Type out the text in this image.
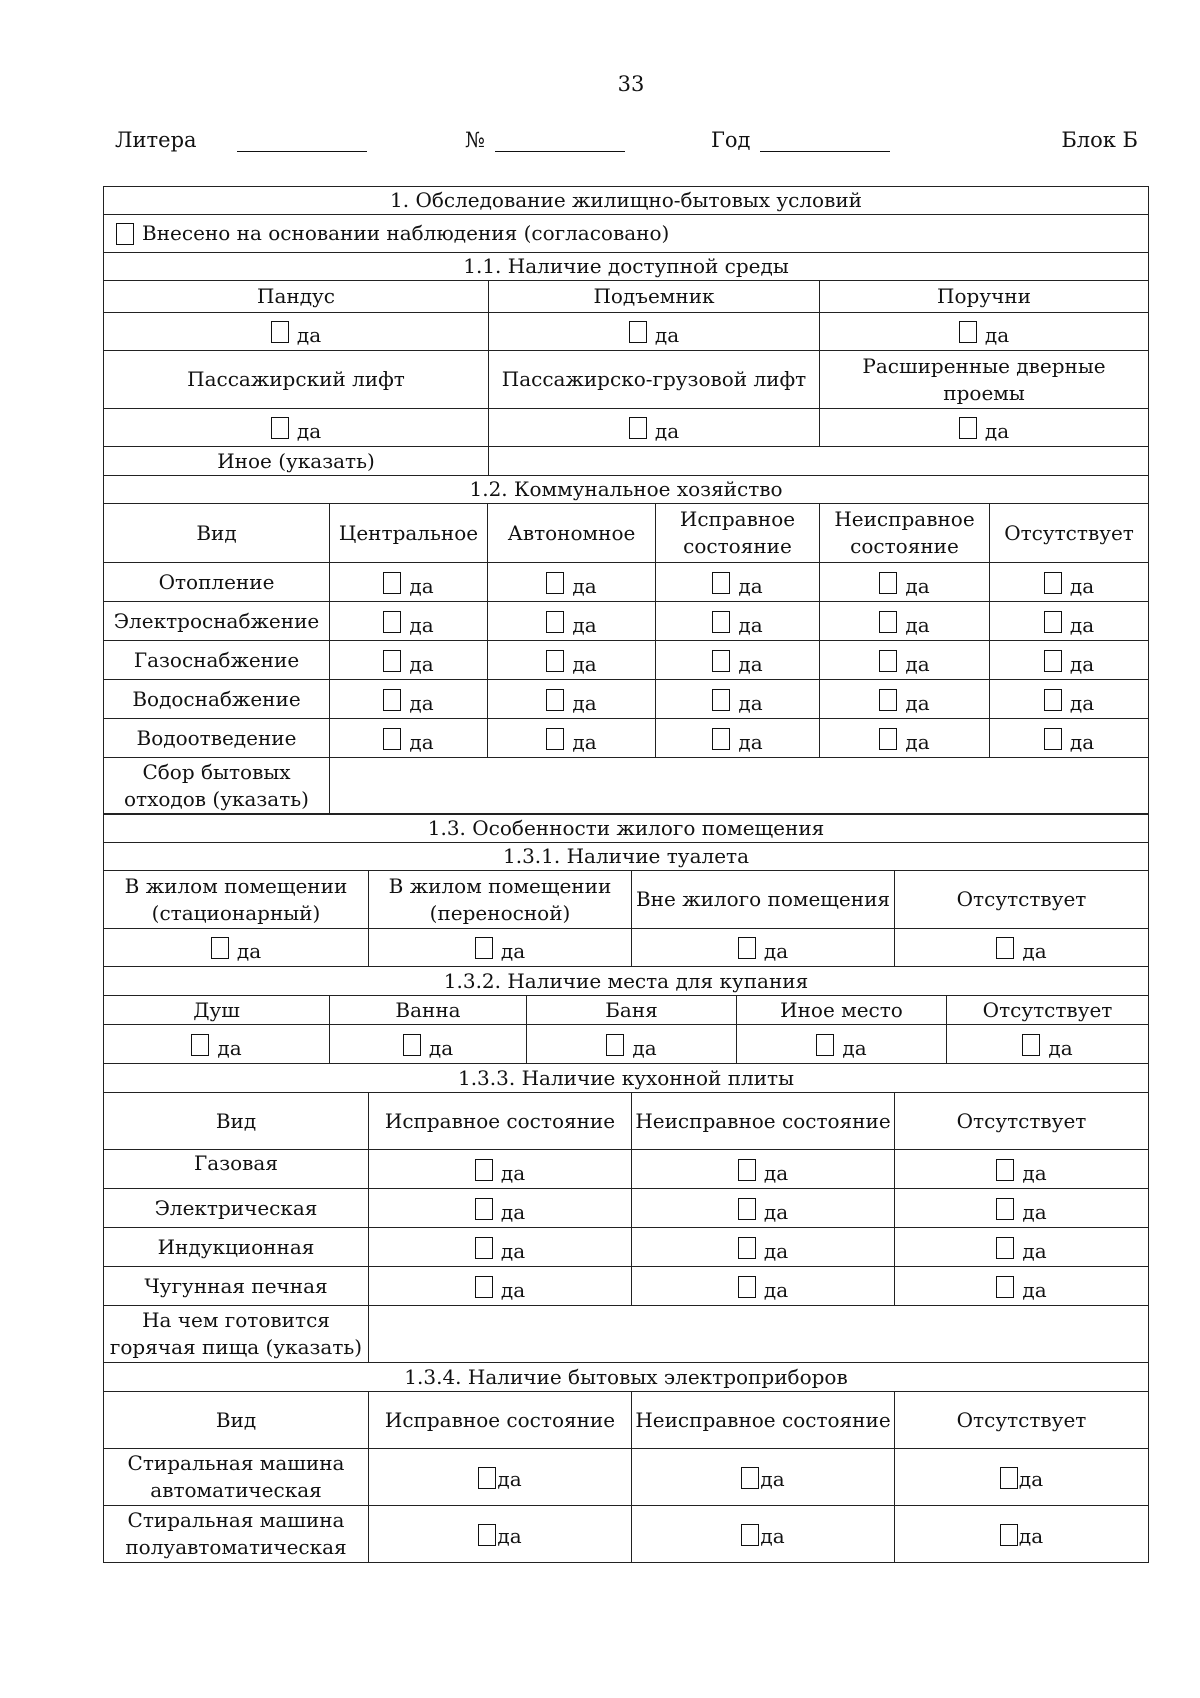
33
Литера	№	Год	Блок Б
1. Обследование жилищно-бытовых условий		
Внесено на основании наблюдения (согласовано)		
1.1. Наличие доступной среды		
Пандус	Подъемник	Поручни
да	да	да
Пассажирский лифт	Пассажирско-грузовой лифт	Расширенные дверные проемы
да	да	да
Иное (указать)		
1.2. Коммунальное хозяйство					
Вид	Центральное	Автономное	Исправное состояние	Неисправное состояние	Отсутствует
Отопление	да	да	да	да	да
Электроснабжение	да	да	да	да	да
Газоснабжение	да	да	да	да	да
Водоснабжение	да	да	да	да	да
Водоотведение	да	да	да	да	да
Сбор бытовых отходов (указать)					
1.3. Особенности жилого помещения			
1.3.1. Наличие туалета			
В жилом помещении (стационарный)	В жилом помещении (переносной)	Вне жилого помещения	Отсутствует
да	да	да	да
1.3.2. Наличие места для купания				
Душ	Ванна	Баня	Иное место	Отсутствует
да	да	да	да	да
1.3.3. Наличие кухонной плиты			
Вид	Исправное состояние	Неисправное состояние	Отсутствует
Газовая	да	да	да
Электрическая	да	да	да
Индукционная	да	да	да
Чугунная печная	да	да	да
На чем готовится горячая пища (указать)			
1.3.4. Наличие бытовых электроприборов			
Вид	Исправное состояние	Неисправное состояние	Отсутствует
Стиральная машина автоматическая	да	да	да
Стиральная машина полуавтоматическая	да	да	да
